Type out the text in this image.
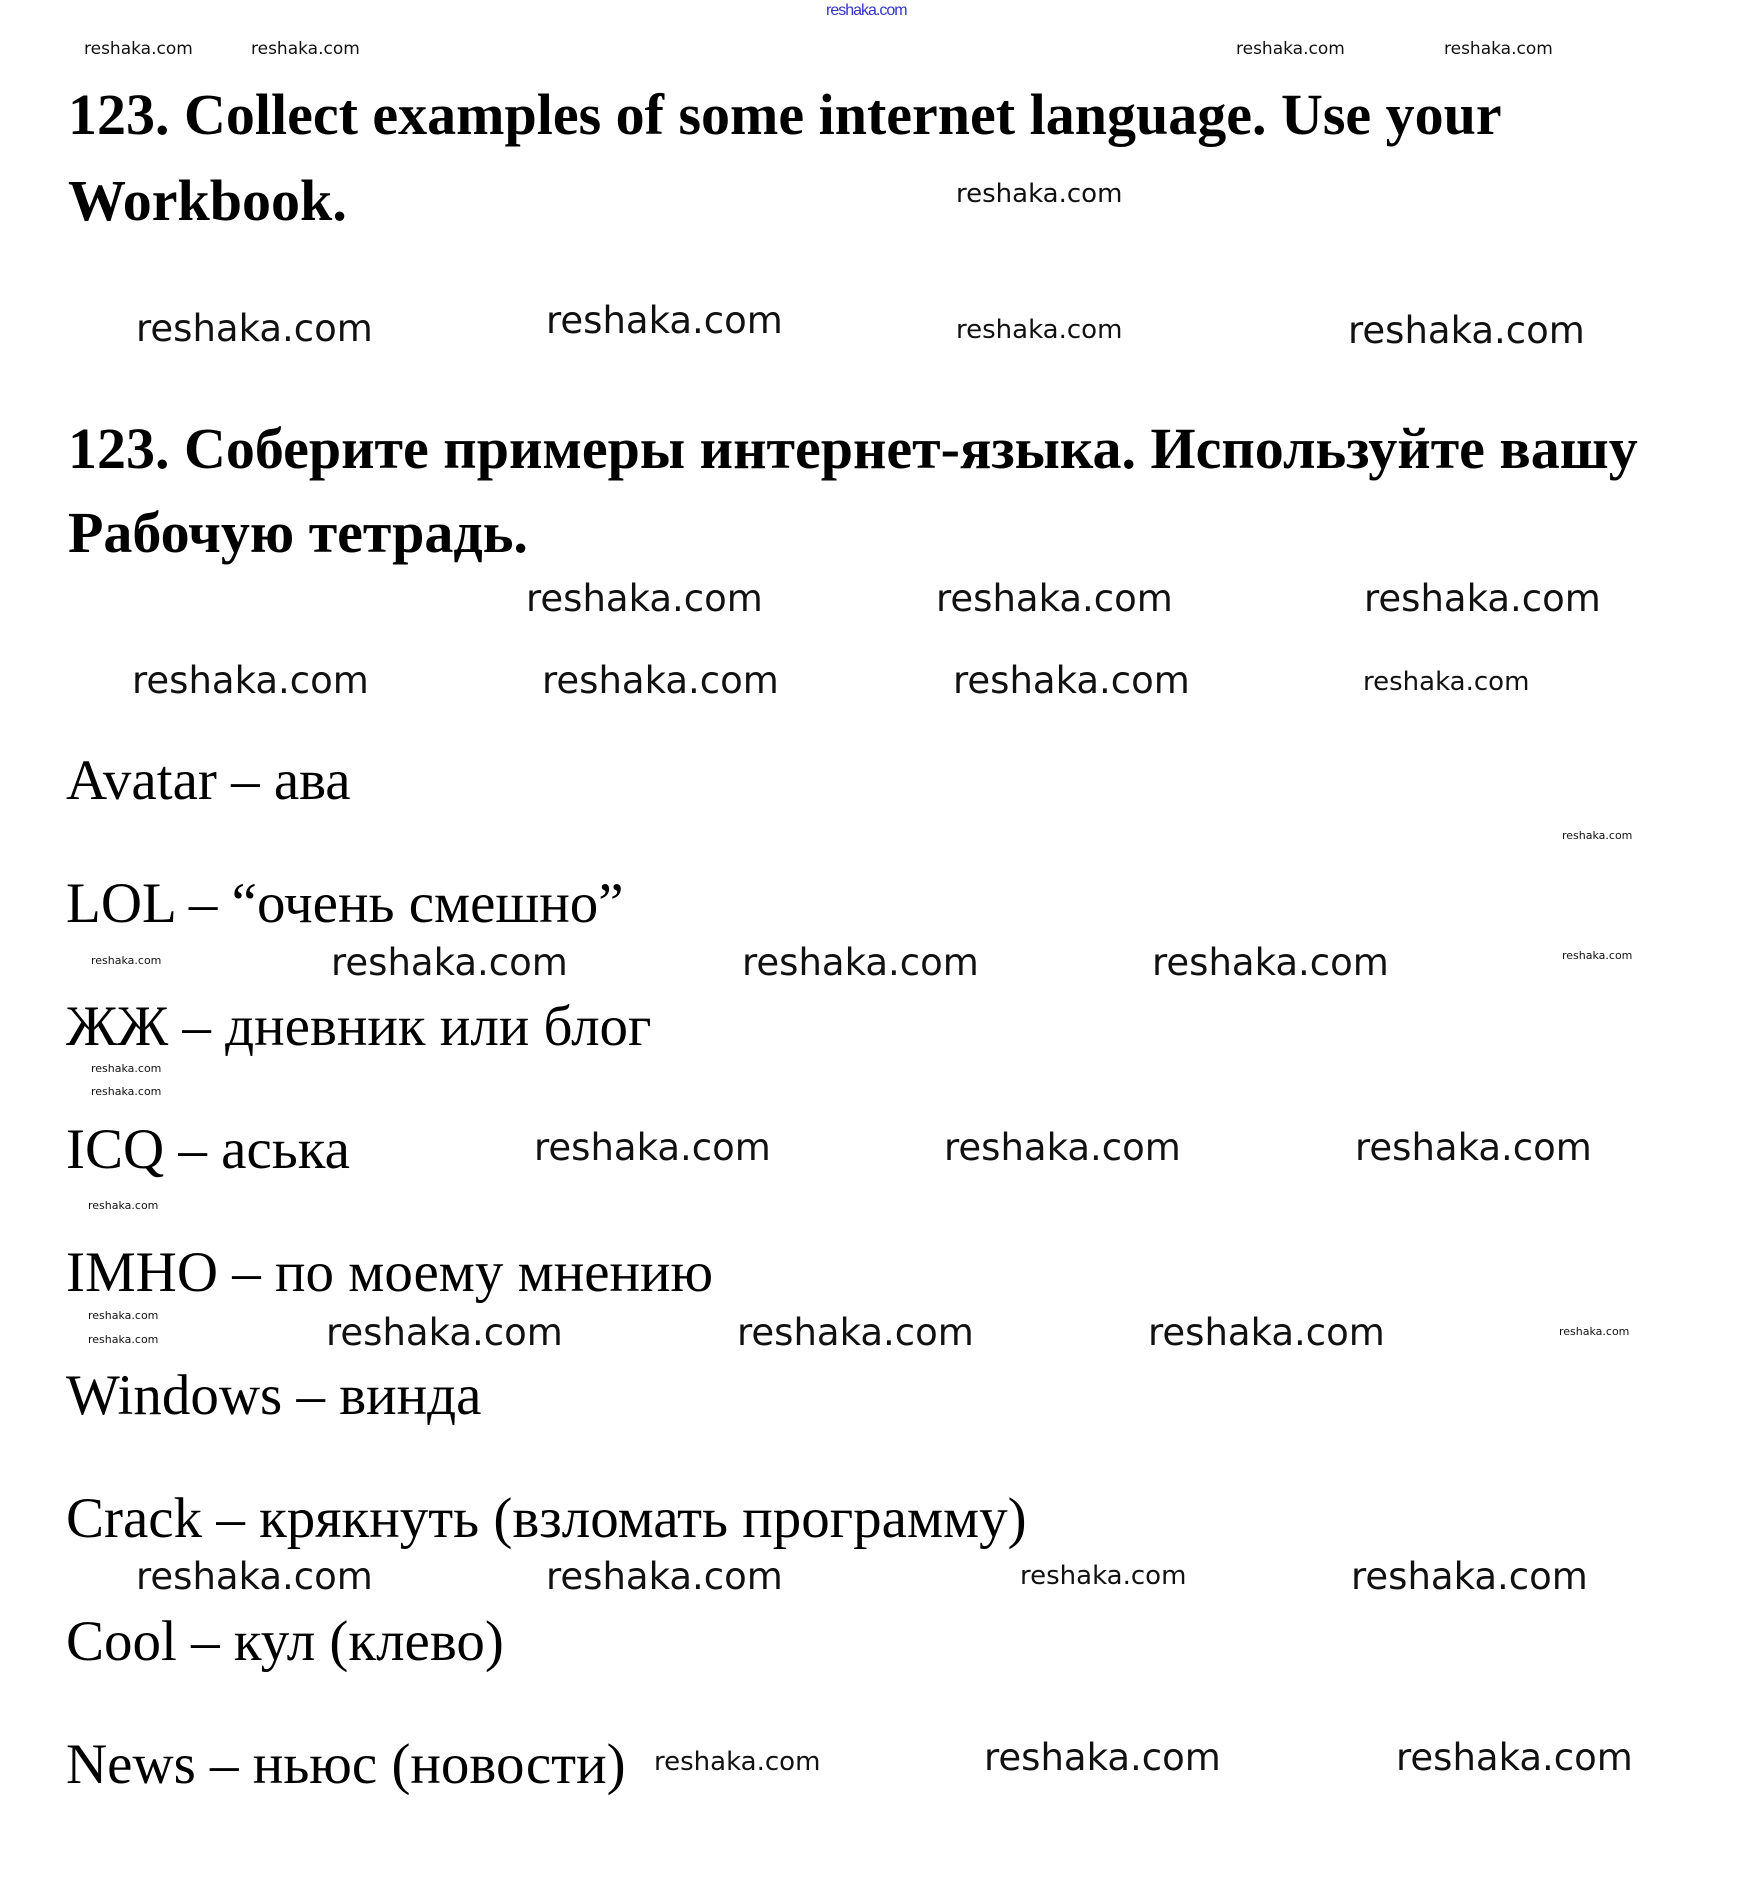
reshaka.com
123. Collect examples of some internet language. Use your
Workbook.
123. Соберите примеры интернет-языка. Используйте вашу
Рабочую тетрадь.
Avatar – ава
LOL – “очень смешно”
ЖЖ – дневник или блог
ICQ – аська
IMHO – по моему мнению
Windows – винда
Crack – крякнуть (взломать программу)
Cool – кул (клево)
News – ньюс (новости)
reshaka.com	reshaka.com	reshaka.com	reshaka.com
reshaka.com
reshaka.com	reshaka.com	reshaka.com	reshaka.com
reshaka.com	reshaka.com	reshaka.com
reshaka.com	reshaka.com	reshaka.com	reshaka.com
reshaka.com	reshaka.com	reshaka.com
reshaka.com
reshaka.com
reshaka.com
reshaka.com
reshaka.com
reshaka.com	reshaka.com	reshaka.com
reshaka.com
reshaka.com
reshaka.com	reshaka.com	reshaka.com	reshaka.com	reshaka.com
reshaka.com	reshaka.com	reshaka.com	reshaka.com
reshaka.com	reshaka.com
reshaka.com
